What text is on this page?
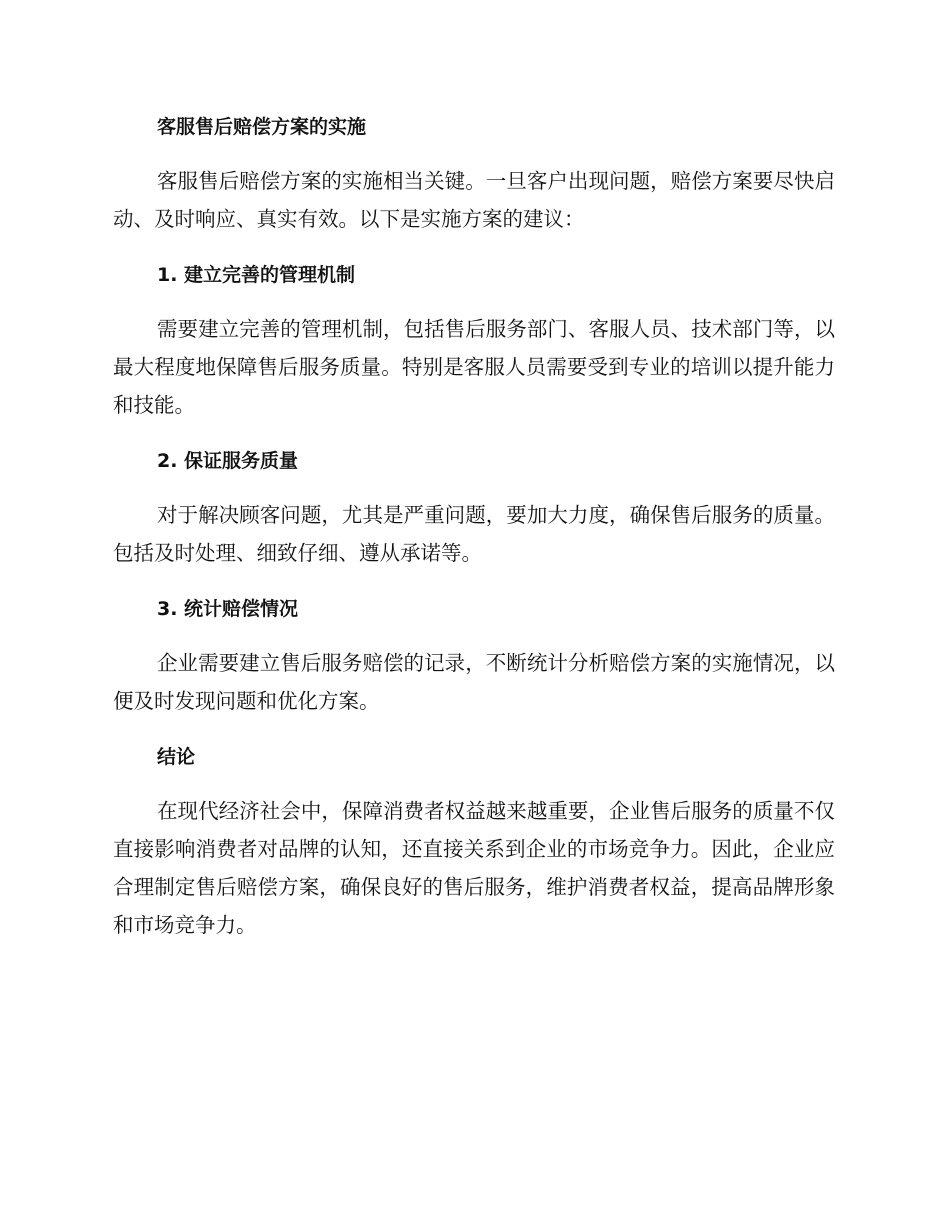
客服售后赔偿方案的实施

客服售后赔偿方案的实施相当关键。一旦客户出现问题，赔偿方案要尽快启动、及时响应、真实有效。以下是实施方案的建议：

1. 建立完善的管理机制

需要建立完善的管理机制，包括售后服务部门、客服人员、技术部门等，以最大程度地保障售后服务质量。特别是客服人员需要受到专业的培训以提升能力和技能。

2. 保证服务质量

对于解决顾客问题，尤其是严重问题，要加大力度，确保售后服务的质量。包括及时处理、细致仔细、遵从承诺等。

3. 统计赔偿情况

企业需要建立售后服务赔偿的记录，不断统计分析赔偿方案的实施情况，以便及时发现问题和优化方案。

结论

在现代经济社会中，保障消费者权益越来越重要，企业售后服务的质量不仅直接影响消费者对品牌的认知，还直接关系到企业的市场竞争力。因此，企业应合理制定售后赔偿方案，确保良好的售后服务，维护消费者权益，提高品牌形象和市场竞争力。
